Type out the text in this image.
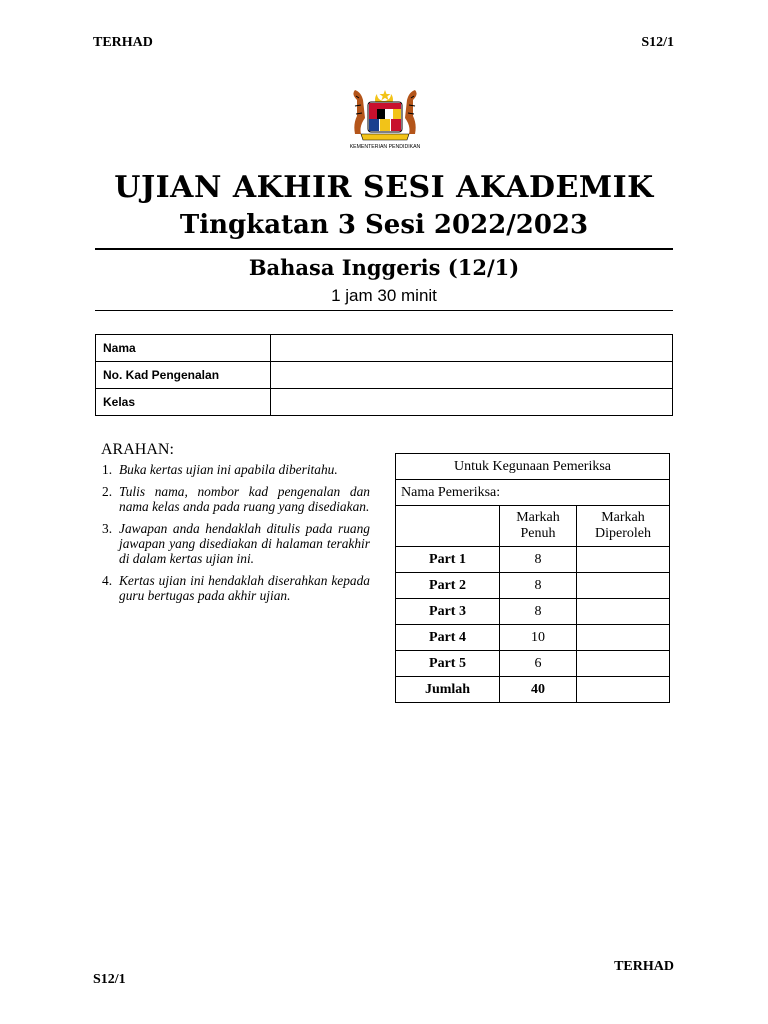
TERHAD	S12/1
KEMENTERIAN PENDIDIKAN
UJIAN AKHIR SESI AKADEMIK
Tingkatan 3 Sesi 2022/2023
Bahasa Inggeris (12/1)
1 jam 30 minit
Nama	
No. Kad Pengenalan	
Kelas	
ARAHAN:
1. Buka kertas ujian ini apabila diberitahu.
2. Tulis nama, nombor kad pengenalan dan nama kelas anda pada ruang yang disediakan.
3. Jawapan anda hendaklah ditulis pada ruang jawapan yang disediakan di halaman terakhir di dalam kertas ujian ini.
4. Kertas ujian ini hendaklah diserahkan kepada guru bertugas pada akhir ujian.
Untuk Kegunaan Pemeriksa		
Nama Pemeriksa:		
	Markah Penuh	Markah Diperoleh
Part 1	8	
Part 2	8	
Part 3	8	
Part 4	10	
Part 5	6	
Jumlah	40	
TERHAD
S12/1
